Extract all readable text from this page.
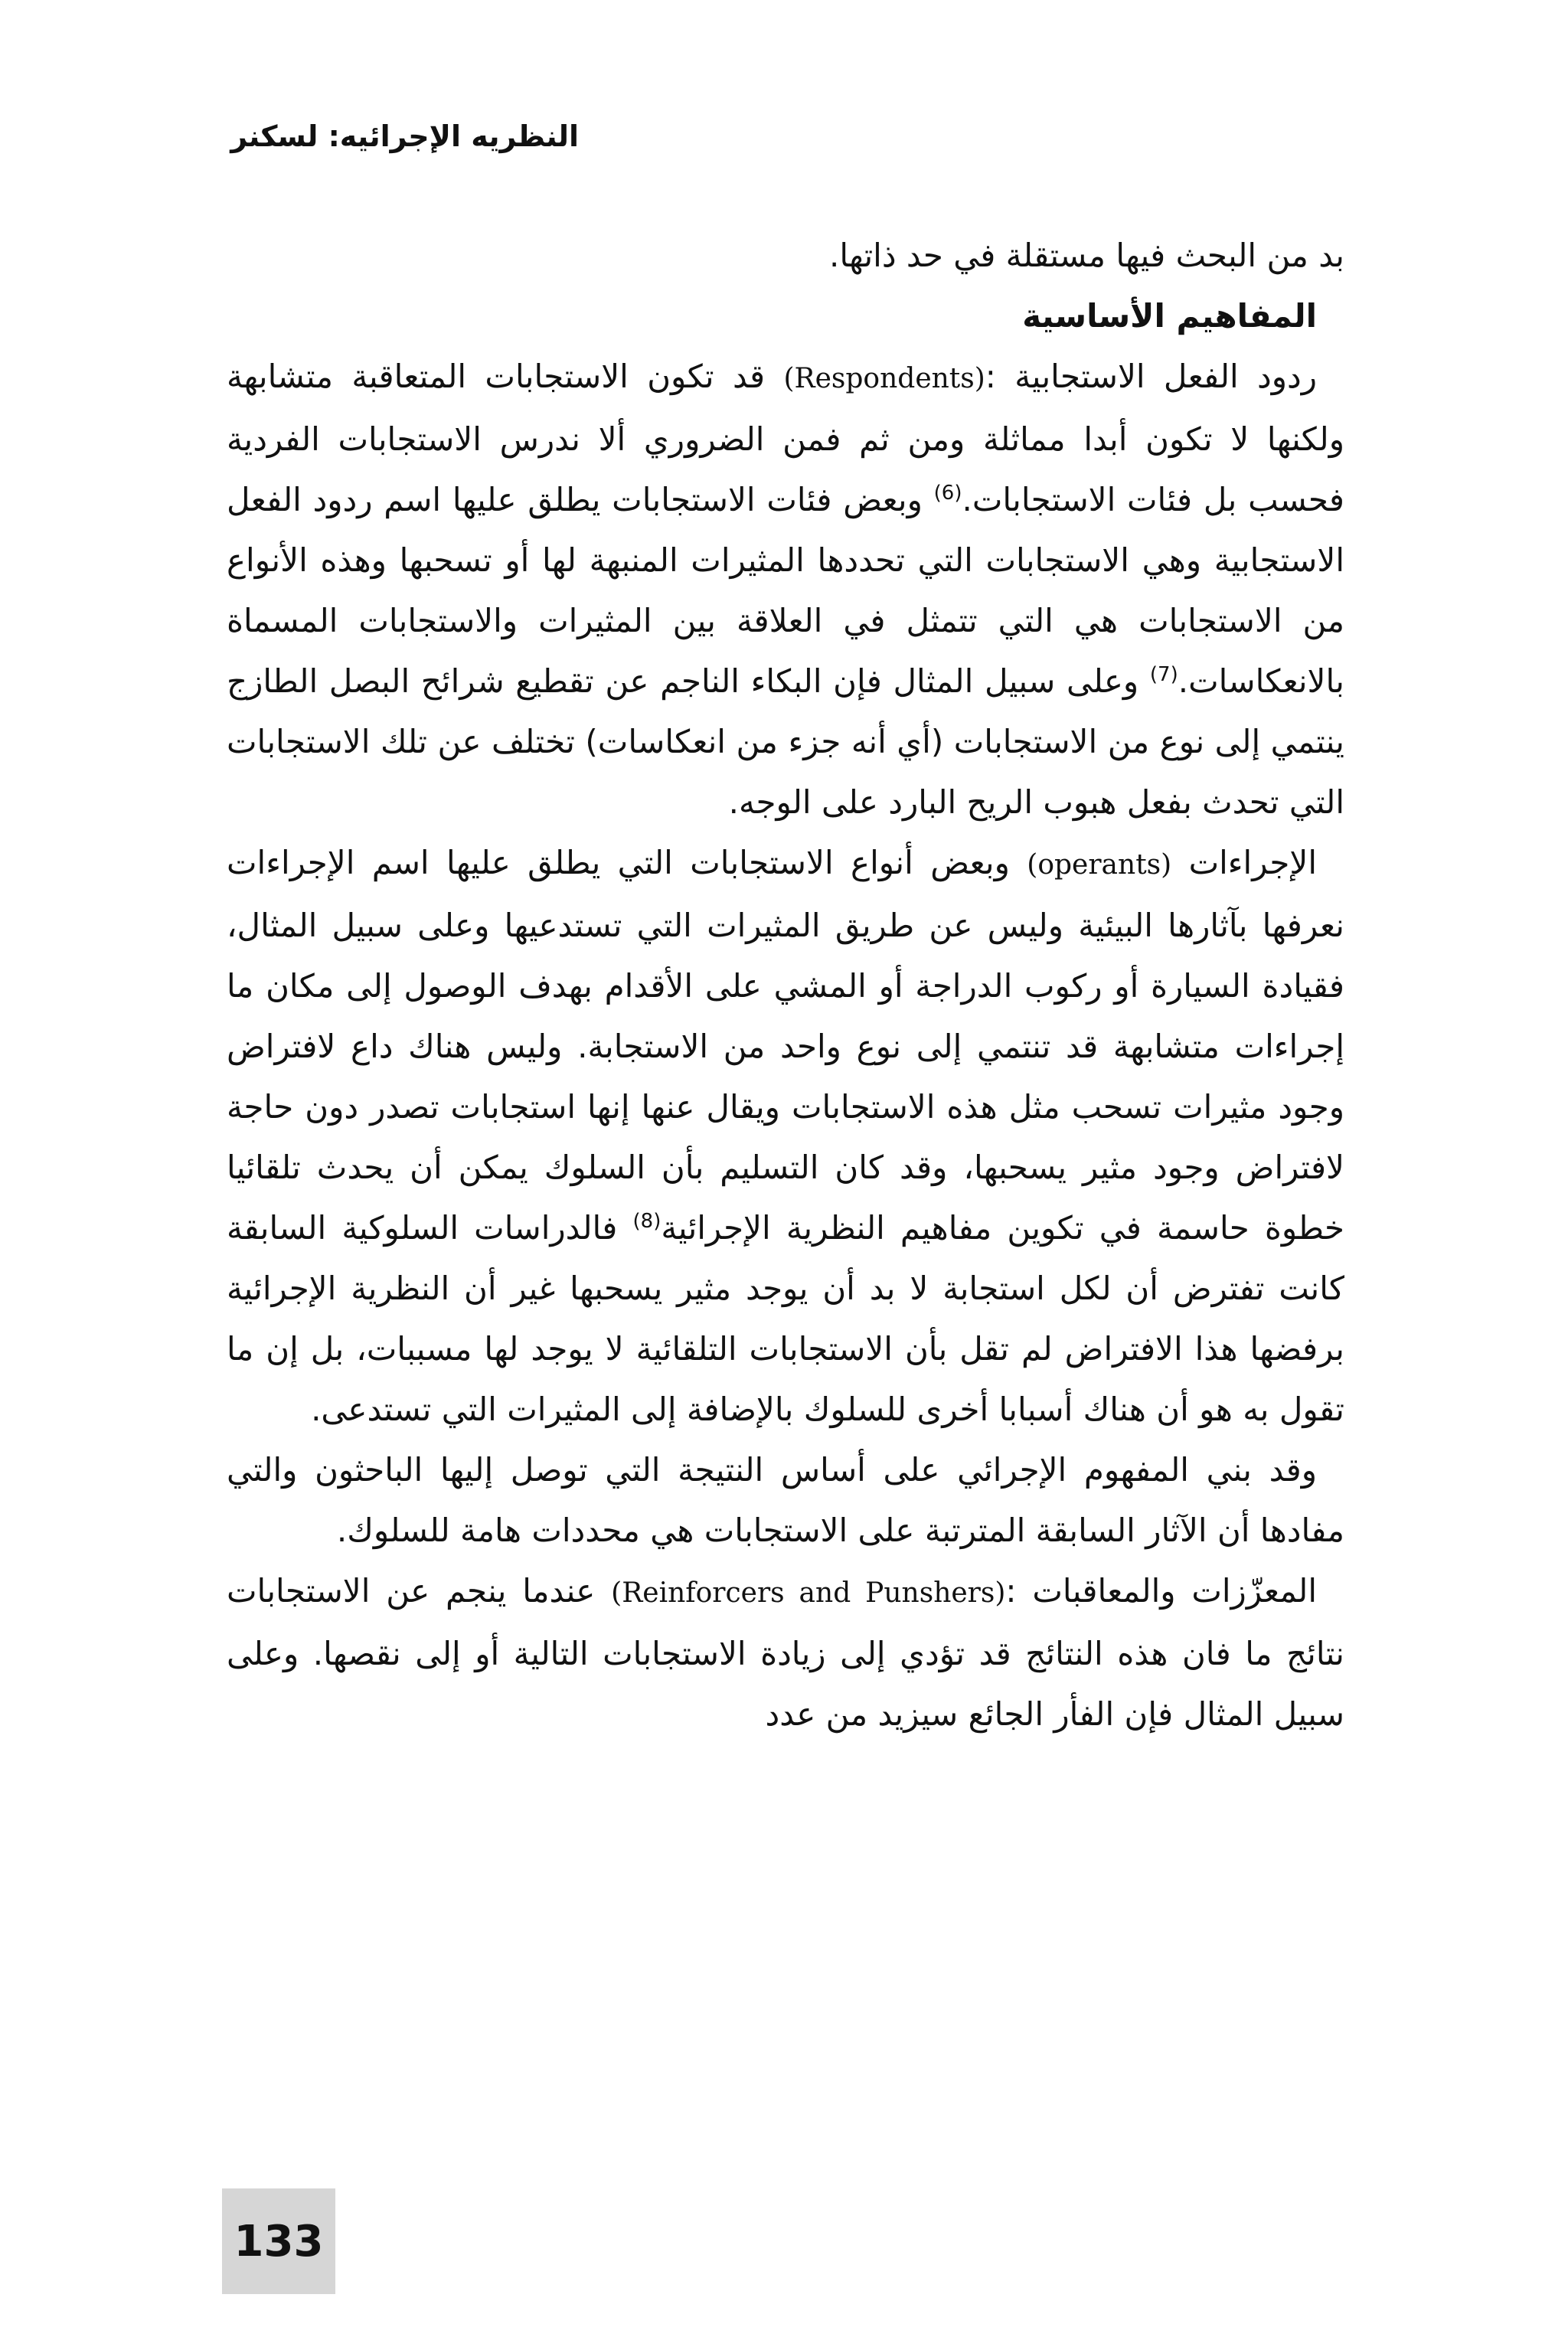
النظريه الإجرائيه: لسكنر

بد من البحث فيها مستقلة في حد ذاتها.

المفاهيم الأساسية

ردود الفعل الاستجابية :(Respondents) قد تكون الاستجابات المتعاقبة متشابهة ولكنها لا تكون أبدا مماثلة ومن ثم فمن الضروري ألا ندرس الاستجابات الفردية فحسب بل فئات الاستجابات.$^{(6)}$ وبعض فئات الاستجابات يطلق عليها اسم ردود الفعل الاستجابية وهي الاستجابات التي تحددها المثيرات المنبهة لها أو تسحبها وهذه الأنواع من الاستجابات هي التي تتمثل في العلاقة بين المثيرات والاستجابات المسماة بالانعكاسات.$^{(7)}$ وعلى سبيل المثال فإن البكاء الناجم عن تقطيع شرائح البصل الطازج ينتمي إلى نوع من الاستجابات (أي أنه جزء من انعكاسات) تختلف عن تلك الاستجابات التي تحدث بفعل هبوب الريح البارد على الوجه.

الإجراءات (operants) وبعض أنواع الاستجابات التي يطلق عليها اسم الإجراءات نعرفها بآثارها البيئية وليس عن طريق المثيرات التي تستدعيها وعلى سبيل المثال، فقيادة السيارة أو ركوب الدراجة أو المشي على الأقدام بهدف الوصول إلى مكان ما إجراءات متشابهة قد تنتمي إلى نوع واحد من الاستجابة. وليس هناك داع لافتراض وجود مثيرات تسحب مثل هذه الاستجابات ويقال عنها إنها استجابات تصدر دون حاجة لافتراض وجود مثير يسحبها، وقد كان التسليم بأن السلوك يمكن أن يحدث تلقائيا خطوة حاسمة في تكوين مفاهيم النظرية الإجرائية$^{(8)}$ فالدراسات السلوكية السابقة كانت تفترض أن لكل استجابة لا بد أن يوجد مثير يسحبها غير أن النظرية الإجرائية برفضها هذا الافتراض لم تقل بأن الاستجابات التلقائية لا يوجد لها مسببات، بل إن ما تقول به هو أن هناك أسبابا أخرى للسلوك بالإضافة إلى المثيرات التي تستدعى.

وقد بني المفهوم الإجرائي على أساس النتيجة التي توصل إليها الباحثون والتي مفادها أن الآثار السابقة المترتبة على الاستجابات هي محددات هامة للسلوك.

المعزّزات والمعاقبات :(Reinforcers and Punshers) عندما ينجم عن الاستجابات نتائج ما فان هذه النتائج قد تؤدي إلى زيادة الاستجابات التالية أو إلى نقصها. وعلى سبيل المثال فإن الفأر الجائع سيزيد من عدد

133
